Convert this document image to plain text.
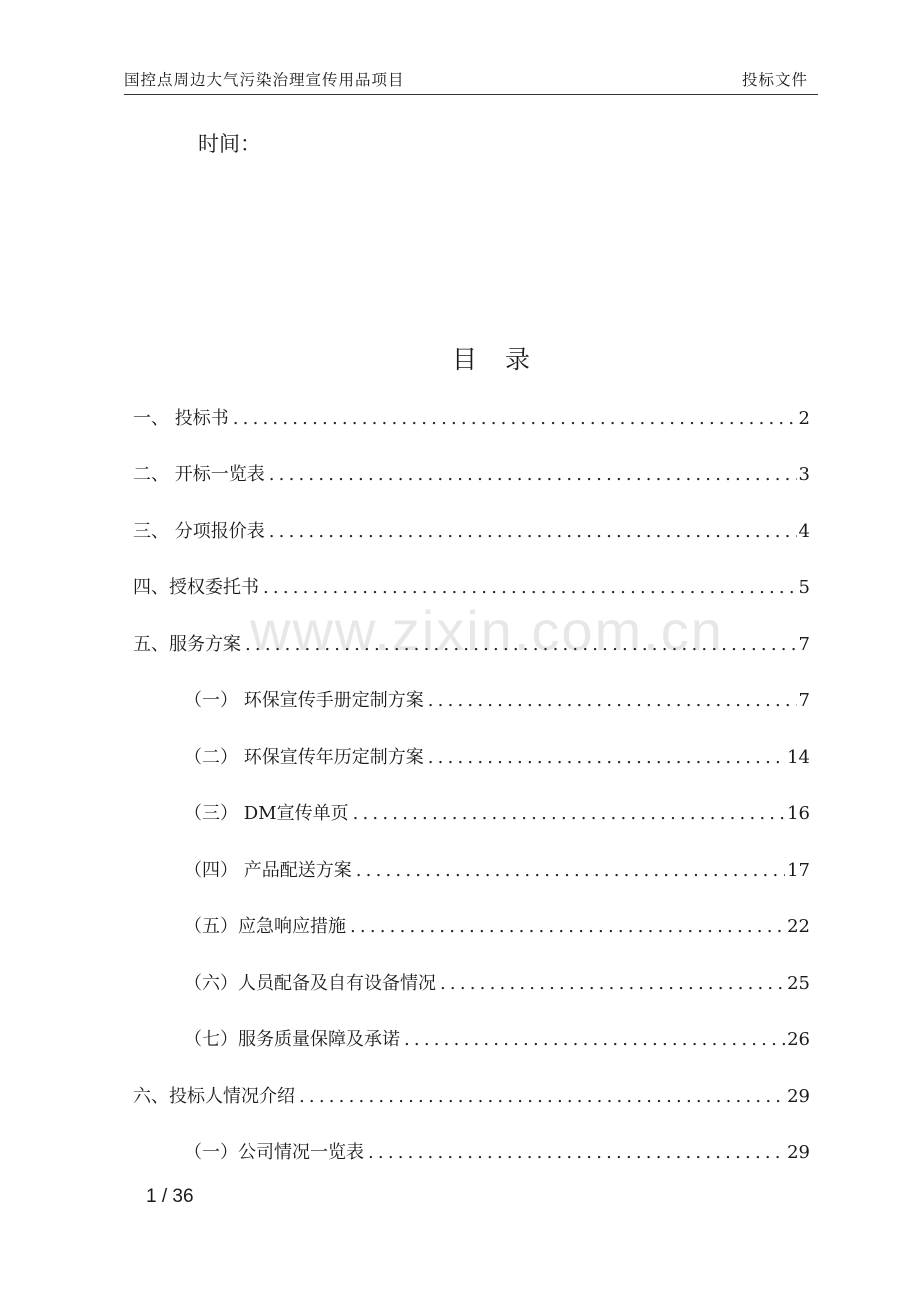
国控点周边大气污染治理宣传用品项目	投标文件
时间：
目录
www.zixin.com.cn
一、 投标书 .....	2
二、 开标一览表 .....	3
三、 分项报价表 .....	4
四、授权委托书 .....	5
五、服务方案 .....	7
（一） 环保宣传手册定制方案 .....	7
（二） 环保宣传年历定制方案 .....	14
（三） DM宣传单页 .....	16
（四） 产品配送方案 .....	17
（五）应急响应措施 .....	22
（六）人员配备及自有设备情况 .....	25
（七）服务质量保障及承诺 .....	26
六、投标人情况介绍 .....	29
（一）公司情况一览表 .....	29
1 / 36
